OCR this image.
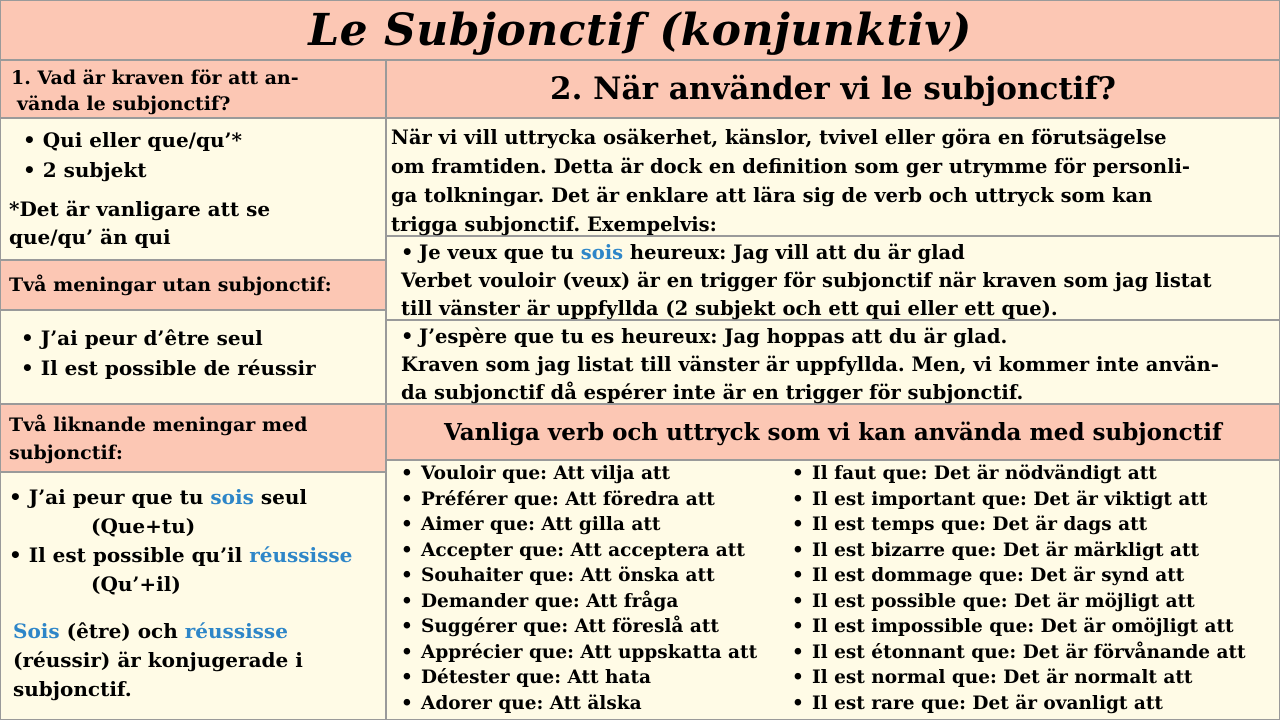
Le Subjonctif (konjunktiv)
1. Vad är kraven för att an-
vända le subjonctif?	2. När använder vi le subjonctif?
• Qui eller que/qu’*
• 2 subjekt
*Det är vanligare att se
que/qu’ än qui
Två meningar utan subjonctif:
• J’ai peur d’être seul
• Il est possible de réussir
Två liknande meningar med
subjonctif:
• J’ai peur que tu sois seul
(Que+tu)
• Il est possible qu’il réussisse
(Qu’+il)
Sois (être) och réussisse
(réussir) är konjugerade i
subjonctif.
När vi vill uttrycka osäkerhet, känslor, tvivel eller göra en förutsägelse
om framtiden. Detta är dock en definition som ger utrymme för personli-
ga tolkningar. Det är enklare att lära sig de verb och uttryck som kan
trigga subjonctif. Exempelvis:
• Je veux que tu sois heureux: Jag vill att du är glad
Verbet vouloir (veux) är en trigger för subjonctif när kraven som jag listat
till vänster är uppfyllda (2 subjekt och ett qui eller ett que).
• J’espère que tu es heureux: Jag hoppas att du är glad.
Kraven som jag listat till vänster är uppfyllda. Men, vi kommer inte använ-
da subjonctif då espérer inte är en trigger för subjonctif.
Vanliga verb och uttryck som vi kan använda med subjonctif
• Vouloir que: Att vilja att
• Préférer que: Att föredra att
• Aimer que: Att gilla att
• Accepter que: Att acceptera att
• Souhaiter que: Att önska att
• Demander que: Att fråga
• Suggérer que: Att föreslå att
• Apprécier que: Att uppskatta att
• Détester que: Att hata
• Adorer que: Att älska
• Il faut que: Det är nödvändigt att
• Il est important que: Det är viktigt att
• Il est temps que: Det är dags att
• Il est bizarre que: Det är märkligt att
• Il est dommage que: Det är synd att
• Il est possible que: Det är möjligt att
• Il est impossible que: Det är omöjligt att
• Il est étonnant que: Det är förvånande att
• Il est normal que: Det är normalt att
• Il est rare que: Det är ovanligt att
